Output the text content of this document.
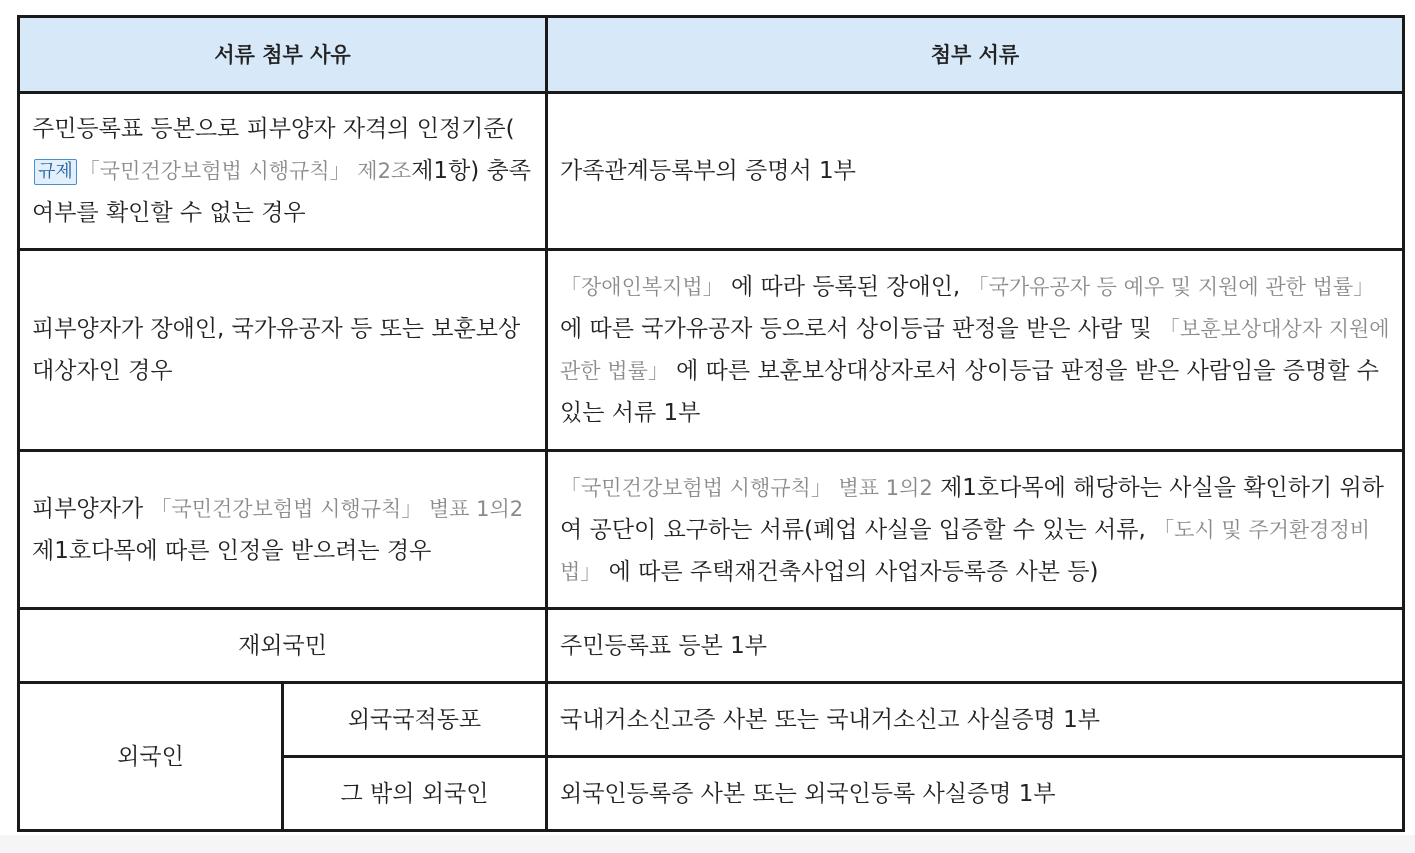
서류 첨부 사유		첨부 서류
주민등록표 등본으로 피부양자 자격의 인정기준(규제 「국민건강보험법 시행규칙」 제2조제1항) 충족 여부를 확인할 수 없는 경우		가족관계등록부의 증명서 1부
피부양자가 장애인, 국가유공자 등 또는 보훈보상대상자인 경우		「장애인복지법」 에 따라 등록된 장애인, 「국가유공자 등 예우 및 지원에 관한 법률」 에 따른 국가유공자 등으로서 상이등급 판정을 받은 사람 및 「보훈보상대상자 지원에 관한 법률」 에 따른 보훈보상대상자로서 상이등급 판정을 받은 사람임을 증명할 수 있는 서류 1부
피부양자가 「국민건강보험법 시행규칙」 별표 1의2 제1호다목에 따른 인정을 받으려는 경우		「국민건강보험법 시행규칙」 별표 1의2 제1호다목에 해당하는 사실을 확인하기 위하여 공단이 요구하는 서류(폐업 사실을 입증할 수 있는 서류, 「도시 및 주거환경정비법」 에 따른 주택재건축사업의 사업자등록증 사본 등)
재외국민		주민등록표 등본 1부
외국인	외국국적동포	국내거소신고증 사본 또는 국내거소신고 사실증명 1부
	그 밖의 외국인	외국인등록증 사본 또는 외국인등록 사실증명 1부
